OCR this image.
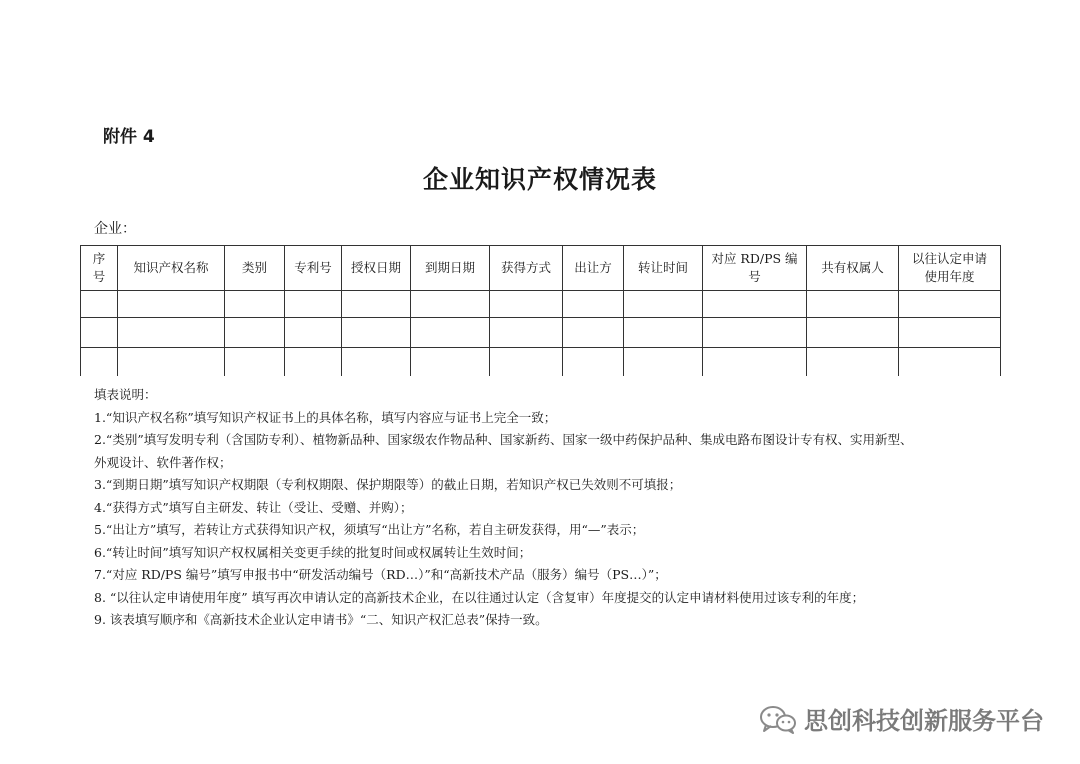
附件 4
企业知识产权情况表
企业：
序号	知识产权名称	类别	专利号	授权日期	到期日期	获得方式	出让方	转让时间	对应 RD/PS 编号	共有权属人	以往认定申请使用年度

填表说明：

1.“知识产权名称”填写知识产权证书上的具体名称，填写内容应与证书上完全一致；

2.“类别”填写发明专利（含国防专利）、植物新品种、国家级农作物品种、国家新药、国家一级中药保护品种、集成电路布图设计专有权、实用新型、

外观设计、软件著作权；

3.“到期日期”填写知识产权期限（专利权期限、保护期限等）的截止日期，若知识产权已失效则不可填报；

4.“获得方式”填写自主研发、转让（受让、受赠、并购）；

5.“出让方”填写，若转让方式获得知识产权，须填写“出让方”名称，若自主研发获得，用“—”表示；

6.“转让时间”填写知识产权权属相关变更手续的批复时间或权属转让生效时间；

7.“对应 RD/PS 编号”填写申报书中“研发活动编号（RD…）”和“高新技术产品（服务）编号（PS…）”；

8. “以往认定申请使用年度” 填写再次申请认定的高新技术企业，在以往通过认定（含复审）年度提交的认定申请材料使用过该专利的年度；

9. 该表填写顺序和《高新技术企业认定申请书》“二、知识产权汇总表”保持一致。

思创科技创新服务平台
